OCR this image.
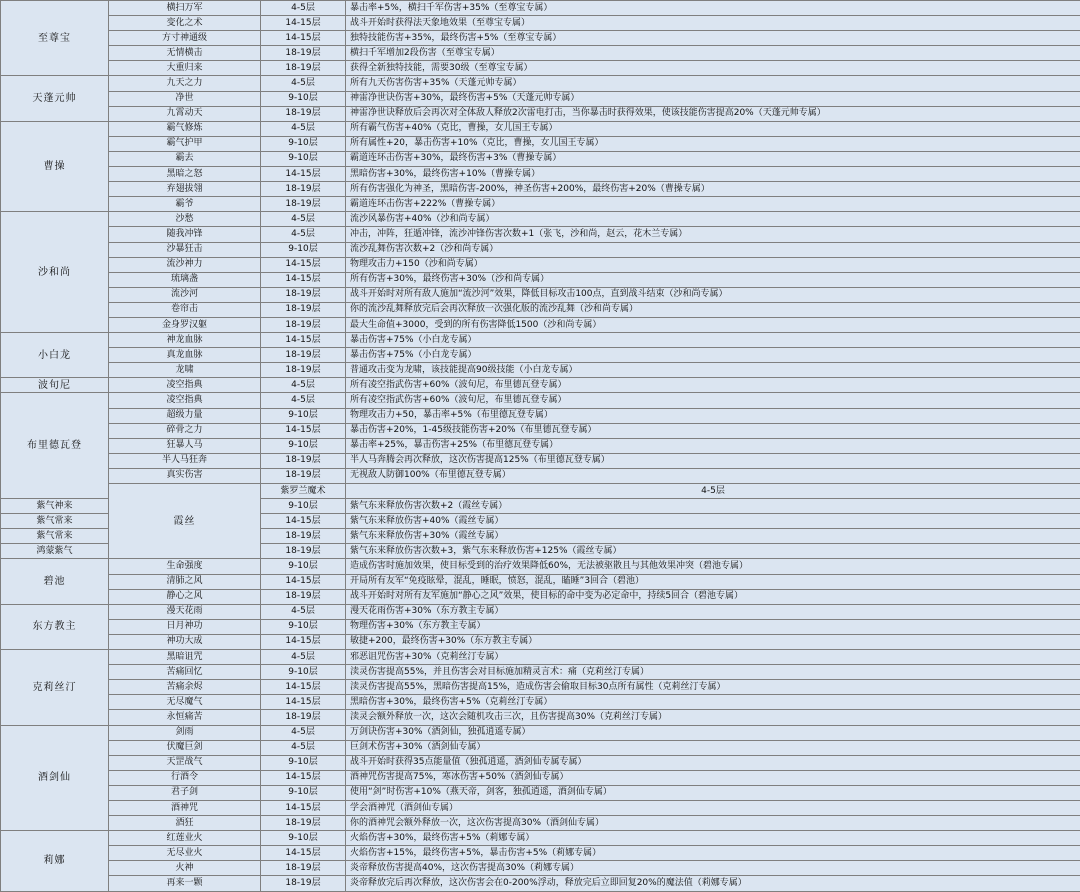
至尊宝	横扫万军	4-5层	暴击率+5%，横扫千军伤害+35%（至尊宝专属）	
	变化之术	14-15层	战斗开始时获得法天象地效果（至尊宝专属）	
	方寸神通级	14-15层	独特技能伤害+35%，最终伤害+5%（至尊宝专属）	
	无情横击	18-19层	横扫千军增加2段伤害（至尊宝专属）	
	大重归来	18-19层	获得全新独特技能，需要30级（至尊宝专属）	
天蓬元帅	九天之力	4-5层	所有九天伤害伤害+35%（天蓬元帅专属）	
	净世	9-10层	神雷净世诀伤害+30%，最终伤害+5%（天蓬元帅专属）	
	九霄动天	18-19层	神雷净世诀释放后会再次对全体敌人释放2次雷电打击，当你暴击时获得效果，使该技能伤害提高20%（天蓬元帅专属）	
曹操	霸气修炼	4-5层	所有霸气伤害+40%（克比，曹操，女儿国王专属）	
	霸气护甲	9-10层	所有属性+20，暴击伤害+10%（克比，曹操，女儿国王专属）	
	霸去	9-10层	霸道连环击伤害+30%，最终伤害+3%（曹操专属）	
	黑暗之怒	14-15层	黑暗伤害+30%，最终伤害+10%（曹操专属）	
	弃翅拔翎	18-19层	所有伤害强化为神圣，黑暗伤害-200%，神圣伤害+200%，最终伤害+20%（曹操专属）	
	霸爷	18-19层	霸道连环击伤害+222%（曹操专属）	
沙和尚	沙愁	4-5层	流沙风暴伤害+40%（沙和尚专属）	
	随我冲锋	4-5层	冲击，冲阵，狂遁冲锋，流沙冲锋伤害次数+1（张飞，沙和尚，赵云，花木兰专属）	
	沙暴狂击	9-10层	流沙乱舞伤害次数+2（沙和尚专属）	
	流沙神力	14-15层	物理攻击力+150（沙和尚专属）	
	琉璃盏	14-15层	所有伤害+30%，最终伤害+30%（沙和尚专属）	
	流沙河	18-19层	战斗开始时对所有敌人施加“流沙河”效果，降低目标攻击100点，直到战斗结束（沙和尚专属）	
	卷帘击	18-19层	你的流沙乱舞释放完后会再次释放一次强化版的流沙乱舞（沙和尚专属）	
	金身罗汉躯	18-19层	最大生命值+3000，受到的所有伤害降低1500（沙和尚专属）	
小白龙	神龙血脉	14-15层	暴击伤害+75%（小白龙专属）	
	真龙血脉	18-19层	暴击伤害+75%（小白龙专属）	
	龙啸	18-19层	普通攻击变为龙啸，该技能提高90级技能（小白龙专属）	
波旬尼	凌空指典	4-5层	所有凌空指武伤害+60%（波旬尼，布里德瓦登专属）	
布里德瓦登	凌空指典	4-5层	所有凌空指武伤害+60%（波旬尼，布里德瓦登专属）	
	超级力量	9-10层	物理攻击力+50，暴击率+5%（布里德瓦登专属）	
	碎骨之力	14-15层	暴击伤害+20%，1-45级技能伤害+20%（布里德瓦登专属）	
	狂暴人马	9-10层	暴击率+25%，暴击伤害+25%（布里德瓦登专属）	
	半人马狂奔	18-19层	半人马奔腾会再次释放，这次伤害提高125%（布里德瓦登专属）	
	真实伤害	18-19层	无视敌人防御100%（布里德瓦登专属）	
	霞丝	紫罗兰魔术	4-5层	
紫气神来		9-10层	紫气东来释放伤害次数+2（霞丝专属）	
紫气常来		14-15层	紫气东来释放伤害+40%（霞丝专属）	
紫气常来		18-19层	紫气东来释放伤害+30%（霞丝专属）	
鸿蒙紫气		18-19层	紫气东来释放伤害次数+3，紫气东来释放伤害+125%（霞丝专属）	
碧池	生命强度	9-10层	造成伤害时施加效果，使目标受到的治疗效果降低60%，无法被驱散且与其他效果冲突（碧池专属）	
	清肺之风	14-15层	开局所有友军“免疫眩晕，混乱，睡眠，愤怒，混乱，瞌睡”3回合（碧池）	
	静心之风	18-19层	战斗开始时对所有友军施加“静心之风”效果，使目标的命中变为必定命中，持续5回合（碧池专属）	
东方教主	漫天花雨	4-5层	漫天花雨伤害+30%（东方教主专属）	
	日月神功	9-10层	物理伤害+30%（东方教主专属）	
	神功大成	14-15层	敏捷+200，最终伤害+30%（东方教主专属）	
克莉丝汀	黑暗诅咒	4-5层	邪恶诅咒伤害+30%（克莉丝汀专属）	
	苦痛回忆	9-10层	渎灵伤害提高55%，并且伤害会对目标施加精灵言术：痛（克莉丝汀专属）	
	苦痛余烬	14-15层	渎灵伤害提高55%，黑暗伤害提高15%，造成伤害会偷取目标30点所有属性（克莉丝汀专属）	
	无尽魔气	14-15层	黑暗伤害+30%，最终伤害+5%（克莉丝汀专属）	
	永恒痛苦	18-19层	渎灵会额外释放一次，这次会随机攻击三次，且伤害提高30%（克莉丝汀专属）	
酒剑仙	剑雨	4-5层	万剑诀伤害+30%（酒剑仙，独孤逍遥专属）	
	伏魔巨剑	4-5层	巨剑术伤害+30%（酒剑仙专属）	
	天罡战气	9-10层	战斗开始时获得35点能量值（独孤逍遥，酒剑仙专属专属）	
	行酒令	14-15层	酒神咒伤害提高75%，寒冰伤害+50%（酒剑仙专属）	
	君子剑	9-10层	使用“剑”时伤害+10%（燕天帝，剑客，独孤逍遥，酒剑仙专属）	
	酒神咒	14-15层	学会酒神咒（酒剑仙专属）	
	酒狂	18-19层	你的酒神咒会额外释放一次，这次伤害提高30%（酒剑仙专属）	
莉娜	红莲业火	9-10层	火焰伤害+30%，最终伤害+5%（莉娜专属）	
	无尽业火	14-15层	火焰伤害+15%，最终伤害+5%，暴击伤害+5%（莉娜专属）	
	火神	18-19层	炎帝释放伤害提高40%，这次伤害提高30%（莉娜专属）	
	再来一颗	18-19层	炎帝释放完后再次释放，这次伤害会在0-200%浮动，释放完后立即回复20%的魔法值（莉娜专属）	
